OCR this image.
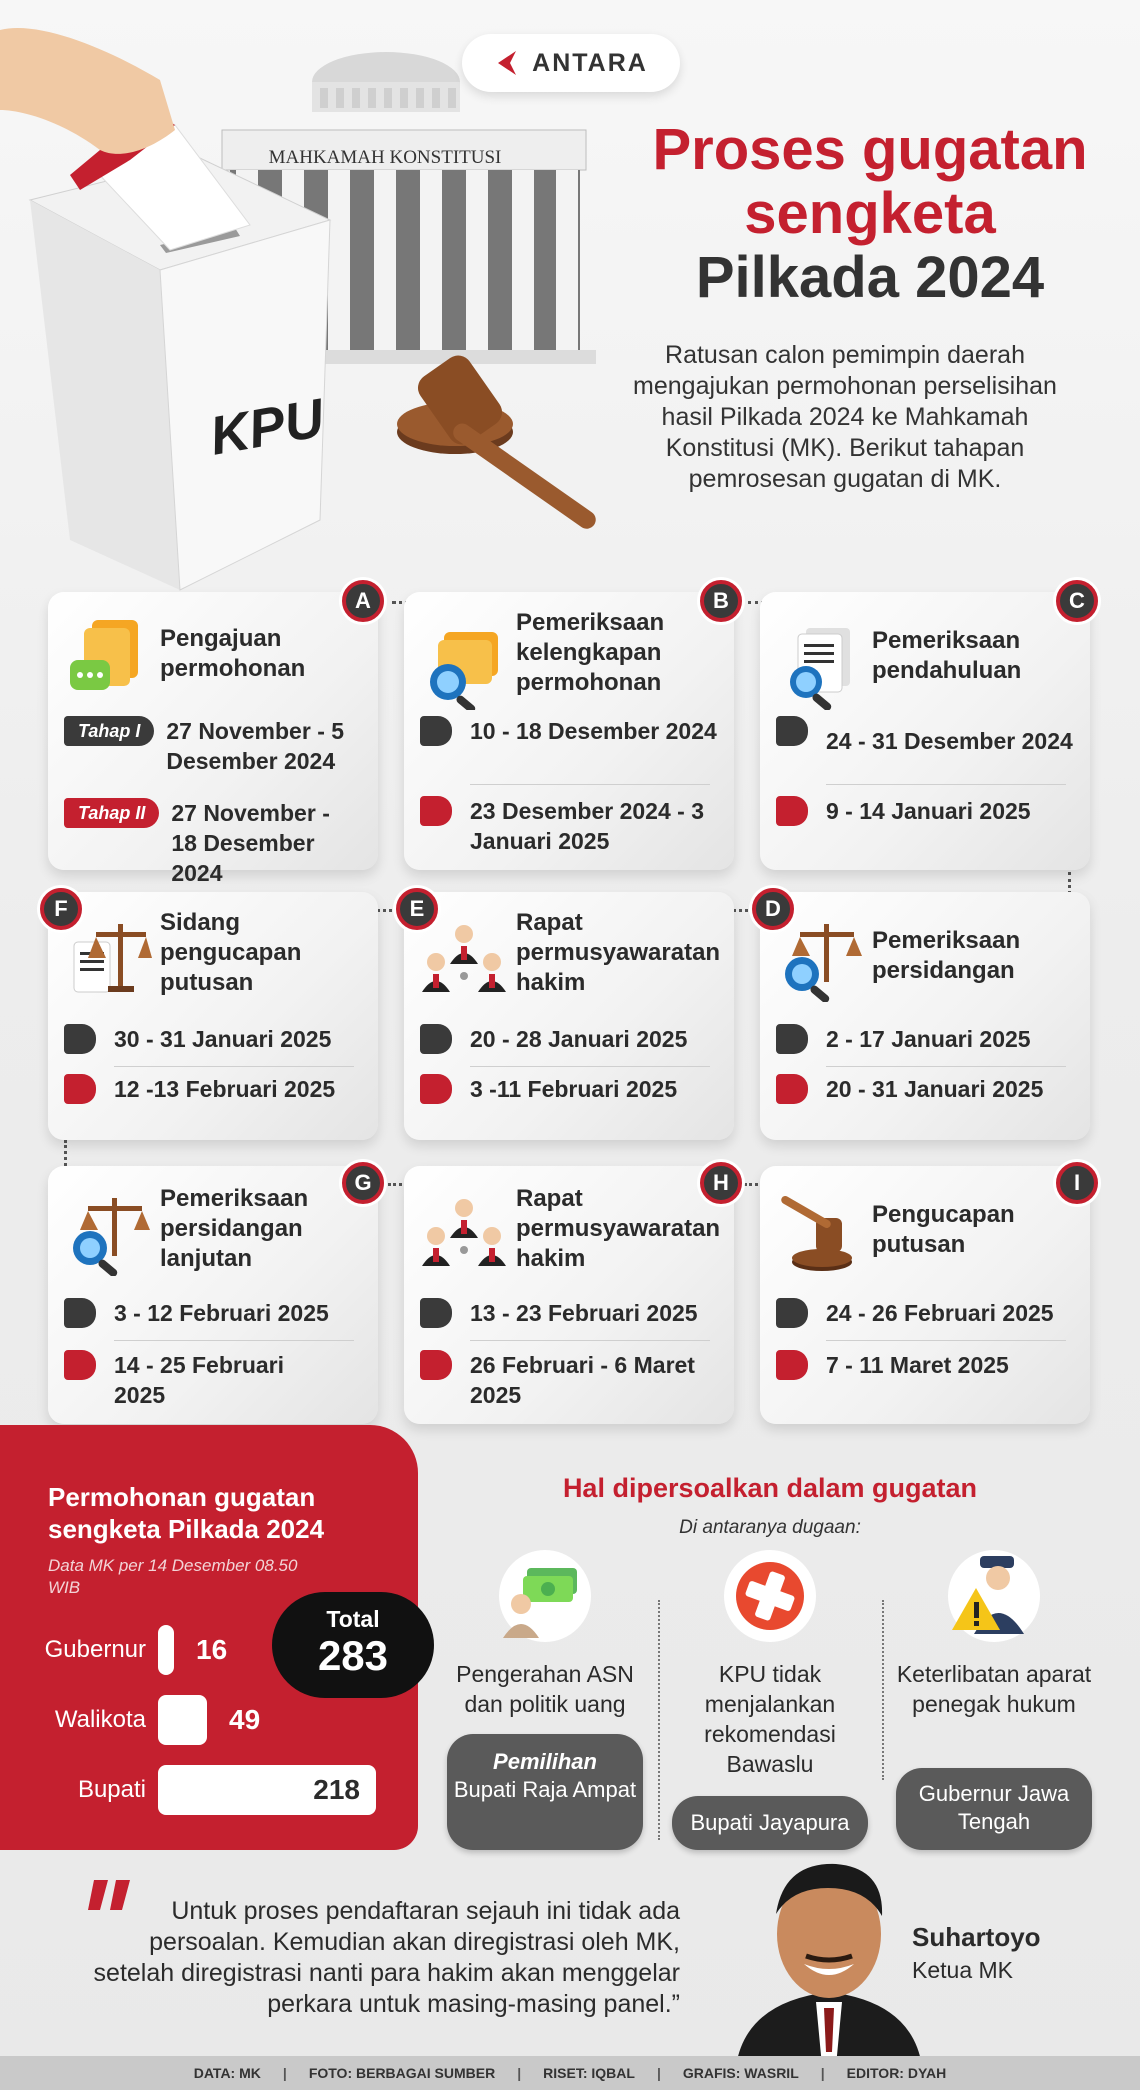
MAHKAMAH KONSTITUSI
KPU
ANTARA
Proses gugatan
sengketa
Pilkada 2024
Ratusan calon pemimpin daerah mengajukan permohonan perselisihan hasil Pilkada 2024 ke Mahkamah Konstitusi (MK). Berikut tahapan pemrosesan gugatan di MK.
Pengajuan permohonan
Tahap I	27 November - 5 Desember 2024
Tahap II	27 November - 18 Desember 2024
A
Pemeriksaan kelengkapan permohonan
10 - 18 Desember 2024
23 Desember 2024 - 3 Januari 2025
B
Pemeriksaan pendahuluan
24 - 31 Desember 2024
9 - 14 Januari 2025
C
Sidang pengucapan putusan
30 - 31 Januari 2025
12 -13 Februari 2025
F
Rapat permusyawaratan hakim
20 - 28 Januari 2025
3 -11 Februari 2025
E
Pemeriksaan persidangan
2 - 17 Januari 2025
20 - 31 Januari 2025
D
Pemeriksaan persidangan lanjutan
3 - 12 Februari 2025
14 - 25 Februari 2025
G
Rapat permusyawaratan hakim
13 - 23 Februari 2025
26 Februari - 6 Maret 2025
H
Pengucapan putusan
24 - 26 Februari 2025
7 - 11 Maret 2025
I
Permohonan gugatan sengketa Pilkada 2024
Data MK per 14 Desember 08.50 WIB
Gubernur	16
Walikota	49
Bupati	218
Total
283
Hal dipersoalkan dalam gugatan
Di antaranya dugaan:
Pengerahan ASN dan politik uang
Pemilihan
Bupati Raja Ampat
KPU tidak menjalankan rekomendasi Bawaslu
Bupati Jayapura
Keterlibatan aparat penegak hukum
Gubernur Jawa Tengah
Untuk proses pendaftaran sejauh ini tidak ada persoalan. Kemudian akan diregistrasi oleh MK, setelah diregistrasi nanti para hakim akan menggelar perkara untuk masing-masing panel.”
Suhartoyo
Ketua MK
DATA: MK | FOTO: BERBAGAI SUMBER | RISET: IQBAL | GRAFIS: WASRIL | EDITOR: DYAH
